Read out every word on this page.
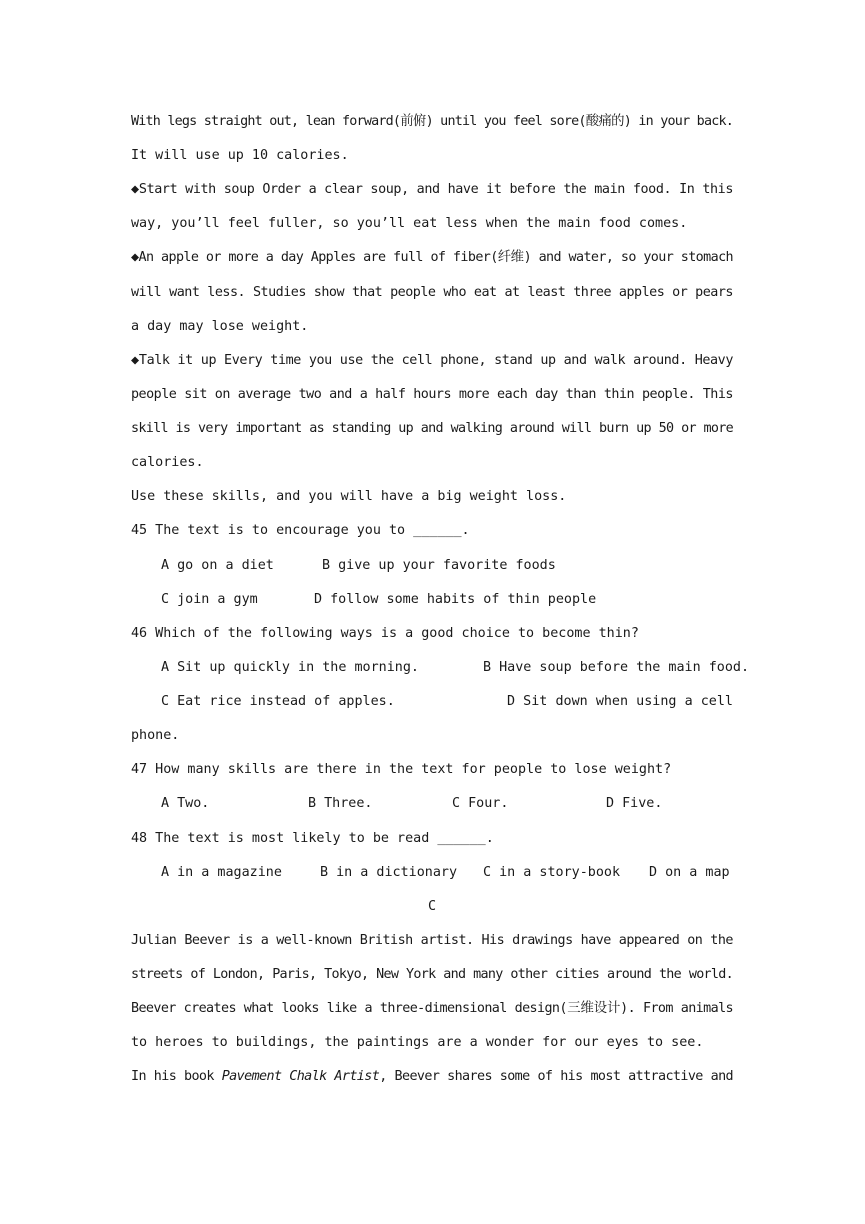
With legs straight out, lean forward(前俯) until you feel sore(酸痛的) in your back.
It will use up 10 calories.
◆Start with soup Order a clear soup, and have it before the main food. In this
way, you’ll feel fuller, so you’ll eat less when the main food comes.
◆An apple or more a day Apples are full of fiber(纤维) and water, so your stomach
will want less. Studies show that people who eat at least three apples or pears
a day may lose weight.
◆Talk it up Every time you use the cell phone, stand up and walk around. Heavy
people sit on average two and a half hours more each day than thin people. This
skill is very important as standing up and walking around will burn up 50 or more
calories.
Use these skills, and you will have a big weight loss.
45 The text is to encourage you to ______.
A go on a diet	B give up your favorite foods
C join a gym	D follow some habits of thin people
46 Which of the following ways is a good choice to become thin?
A Sit up quickly in the morning.	B Have soup before the main food.
C Eat rice instead of apples.	D Sit down when using a cell
phone.
47 How many skills are there in the text for people to lose weight?
A Two.	B Three.	C Four.	D Five.
48 The text is most likely to be read ______.
A in a magazine	B in a dictionary C in a story-book D on a map
C
Julian Beever is a well-known British artist. His drawings have appeared on the
streets of London, Paris, Tokyo, New York and many other cities around the world.
Beever creates what looks like a three-dimensional design(三维设计). From animals
to heroes to buildings, the paintings are a wonder for our eyes to see.
In his book Pavement Chalk Artist, Beever shares some of his most attractive and
